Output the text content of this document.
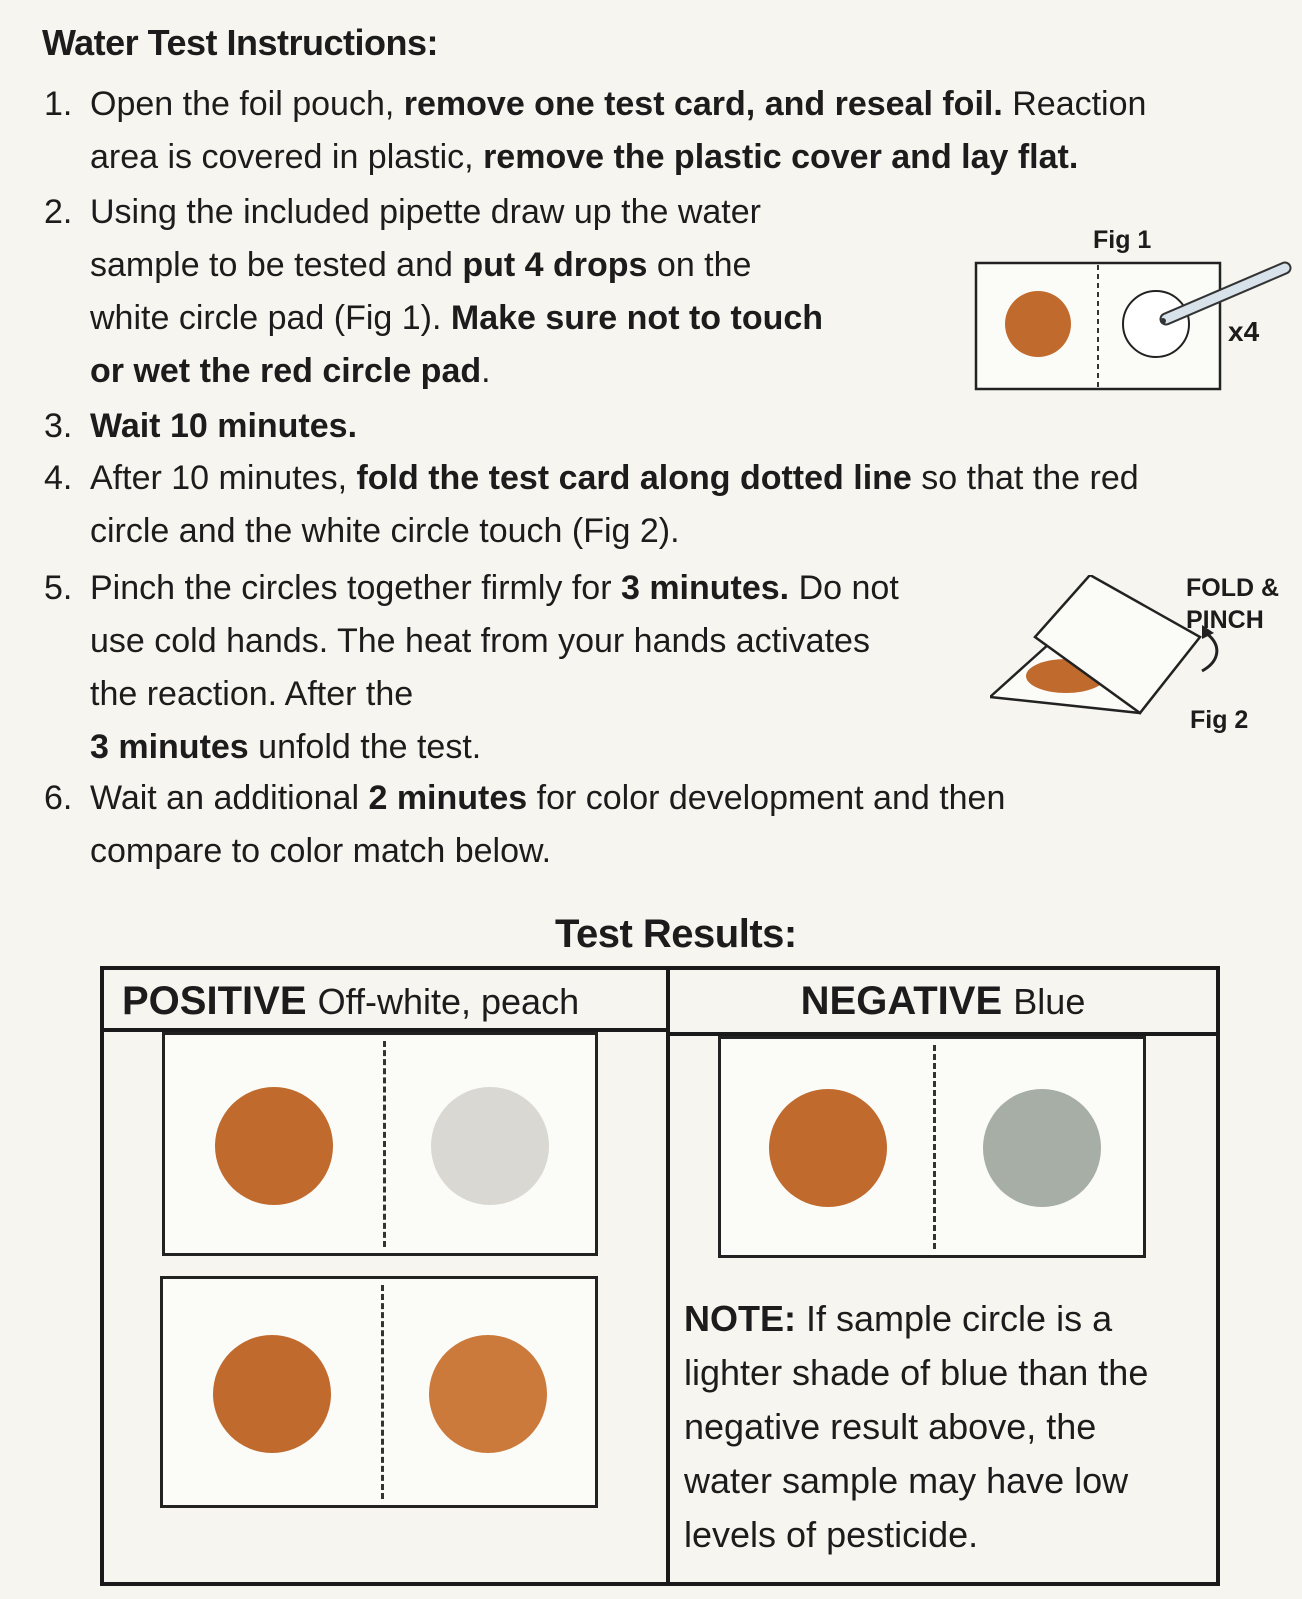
Water Test Instructions:
1. Open the foil pouch, remove one test card, and reseal foil. Reaction
area is covered in plastic, remove the plastic cover and lay flat.
2. Using the included pipette draw up the water
sample to be tested and put 4 drops on the
white circle pad (Fig 1). Make sure not to touch
or wet the red circle pad.
Fig 1
x4
3. Wait 10 minutes.
4. After 10 minutes, fold the test card along dotted line so that the red
circle and the white circle touch (Fig 2).
5. Pinch the circles together firmly for 3 minutes. Do not
use cold hands. The heat from your hands activates
the reaction. After the
3 minutes unfold the test.
FOLD &
PINCH
Fig 2
6. Wait an additional 2 minutes for color development and then
compare to color match below.
Test Results:
POSITIVE Off-white, peach	NEGATIVE Blue
NOTE: If sample circle is a
lighter shade of blue than the
negative result above, the
water sample may have low
levels of pesticide.
